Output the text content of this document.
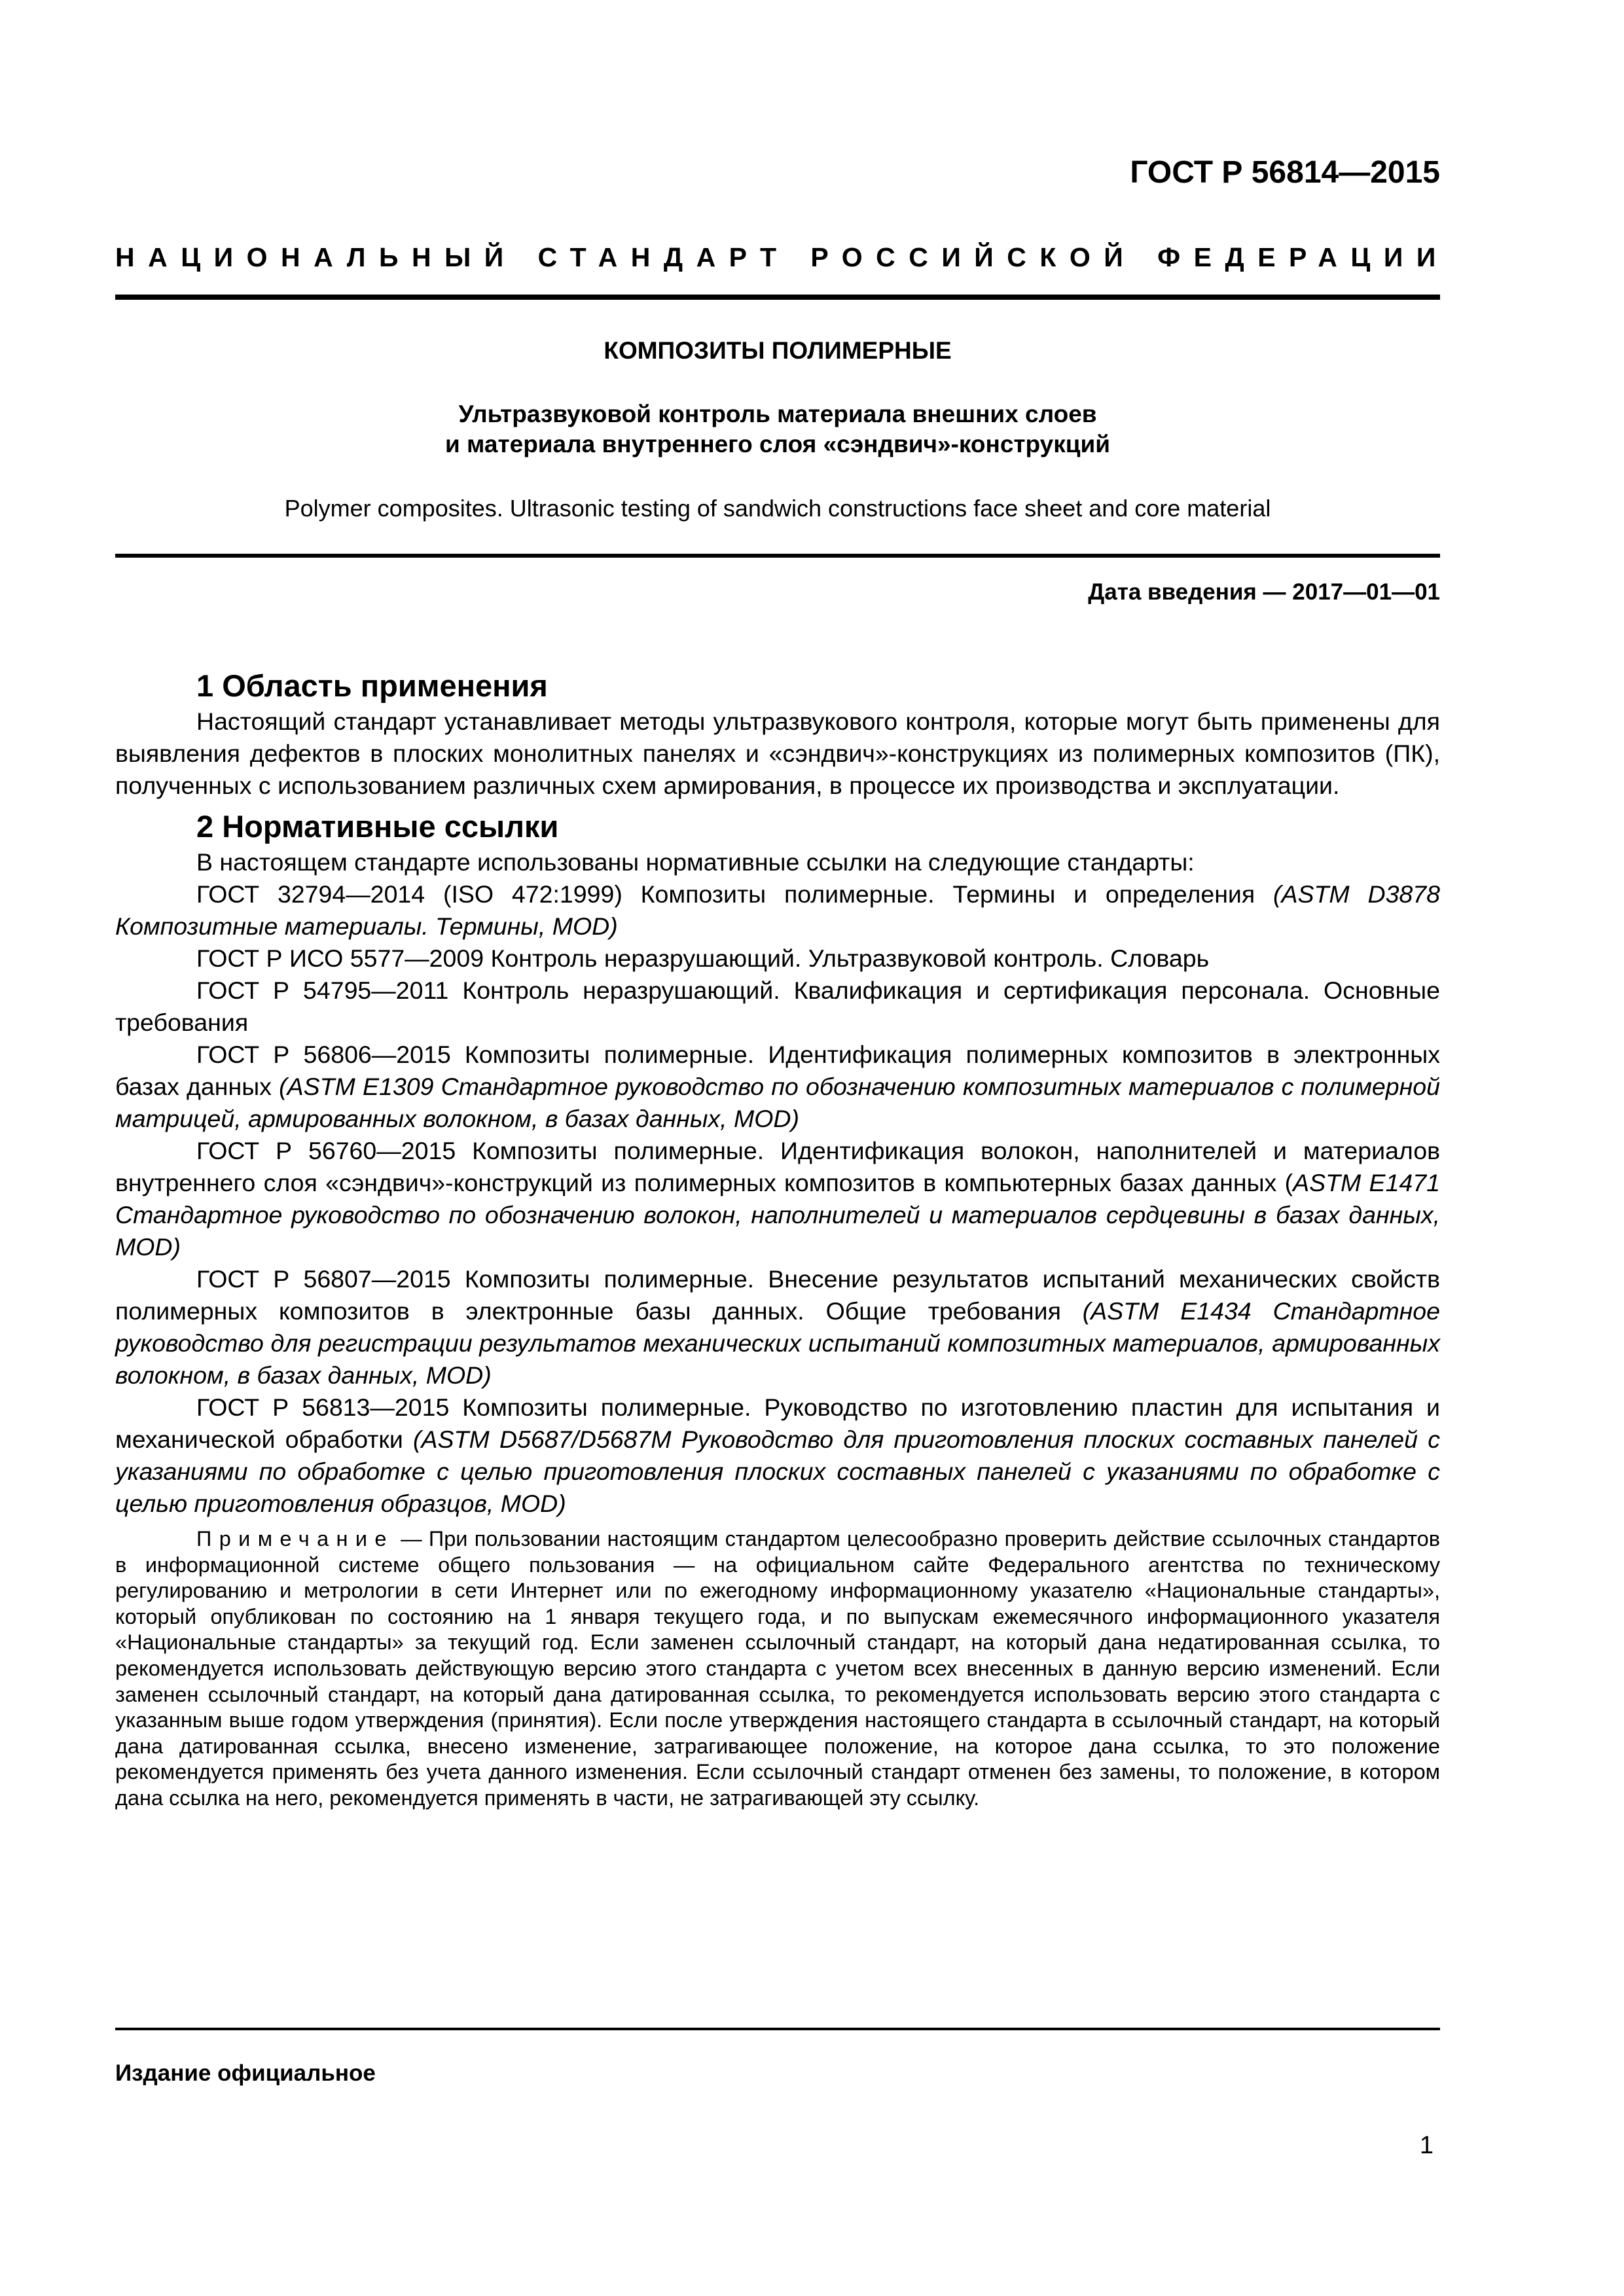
ГОСТ Р 56814—2015
НАЦИОНАЛЬНЫЙ СТАНДАРТ РОССИЙСКОЙ ФЕДЕРАЦИИ
КОМПОЗИТЫ ПОЛИМЕРНЫЕ
Ультразвуковой контроль материала внешних слоев
и материала внутреннего слоя «сэндвич»-конструкций
Polymer composites. Ultrasonic testing of sandwich constructions face sheet and core material
Дата введения — 2017—01—01
1 Область применения

Настоящий стандарт устанавливает методы ультразвукового контроля, которые могут быть применены для выявления дефектов в плоских монолитных панелях и «сэндвич»-конструкциях из полимерных композитов (ПК), полученных с использованием различных схем армирования, в процессе их производства и эксплуатации.

2 Нормативные ссылки

В настоящем стандарте использованы нормативные ссылки на следующие стандарты:

ГОСТ 32794—2014 (ISO 472:1999) Композиты полимерные. Термины и определения (ASTM D3878 Композитные материалы. Термины, MOD)

ГОСТ Р ИСО 5577—2009 Контроль неразрушающий. Ультразвуковой контроль. Словарь

ГОСТ Р 54795—2011 Контроль неразрушающий. Квалификация и сертификация персонала. Основные требования

ГОСТ Р 56806—2015 Композиты полимерные. Идентификация полимерных композитов в электронных базах данных (ASTM E1309 Стандартное руководство по обозначению композитных материалов с полимерной матрицей, армированных волокном, в базах данных, MOD)

ГОСТ Р 56760—2015 Композиты полимерные. Идентификация волокон, наполнителей и материалов внутреннего слоя «сэндвич»-конструкций из полимерных композитов в компьютерных базах данных (ASTM E1471 Стандартное руководство по обозначению волокон, наполнителей и материалов сердцевины в базах данных, MOD)

ГОСТ Р 56807—2015 Композиты полимерные. Внесение результатов испытаний механических свойств полимерных композитов в электронные базы данных. Общие требования (ASTM E1434 Стандартное руководство для регистрации результатов механических испытаний композитных материалов, армированных волокном, в базах данных, MOD)

ГОСТ Р 56813—2015 Композиты полимерные. Руководство по изготовлению пластин для испытания и механической обработки (ASTM D5687/D5687M Руководство для приготовления плоских составных панелей с указаниями по обработке с целью приготовления плоских составных панелей с указаниями по обработке с целью приготовления образцов, MOD)

Примечание — При пользовании настоящим стандартом целесообразно проверить действие ссылочных стандартов в информационной системе общего пользования — на официальном сайте Федерального агентства по техническому регулированию и метрологии в сети Интернет или по ежегодному информационному указателю «Национальные стандарты», который опубликован по состоянию на 1 января текущего года, и по выпускам ежемесячного информационного указателя «Национальные стандарты» за текущий год. Если заменен ссылочный стандарт, на который дана недатированная ссылка, то рекомендуется использовать действующую версию этого стандарта с учетом всех внесенных в данную версию изменений. Если заменен ссылочный стандарт, на который дана датированная ссылка, то рекомендуется использовать версию этого стандарта с указанным выше годом утверждения (принятия). Если после утверждения настоящего стандарта в ссылочный стандарт, на который дана датированная ссылка, внесено изменение, затрагивающее положение, на которое дана ссылка, то это положение рекомендуется применять без учета данного изменения. Если ссылочный стандарт отменен без замены, то положение, в котором дана ссылка на него, рекомендуется применять в части, не затрагивающей эту ссылку.

Издание официальное
1
